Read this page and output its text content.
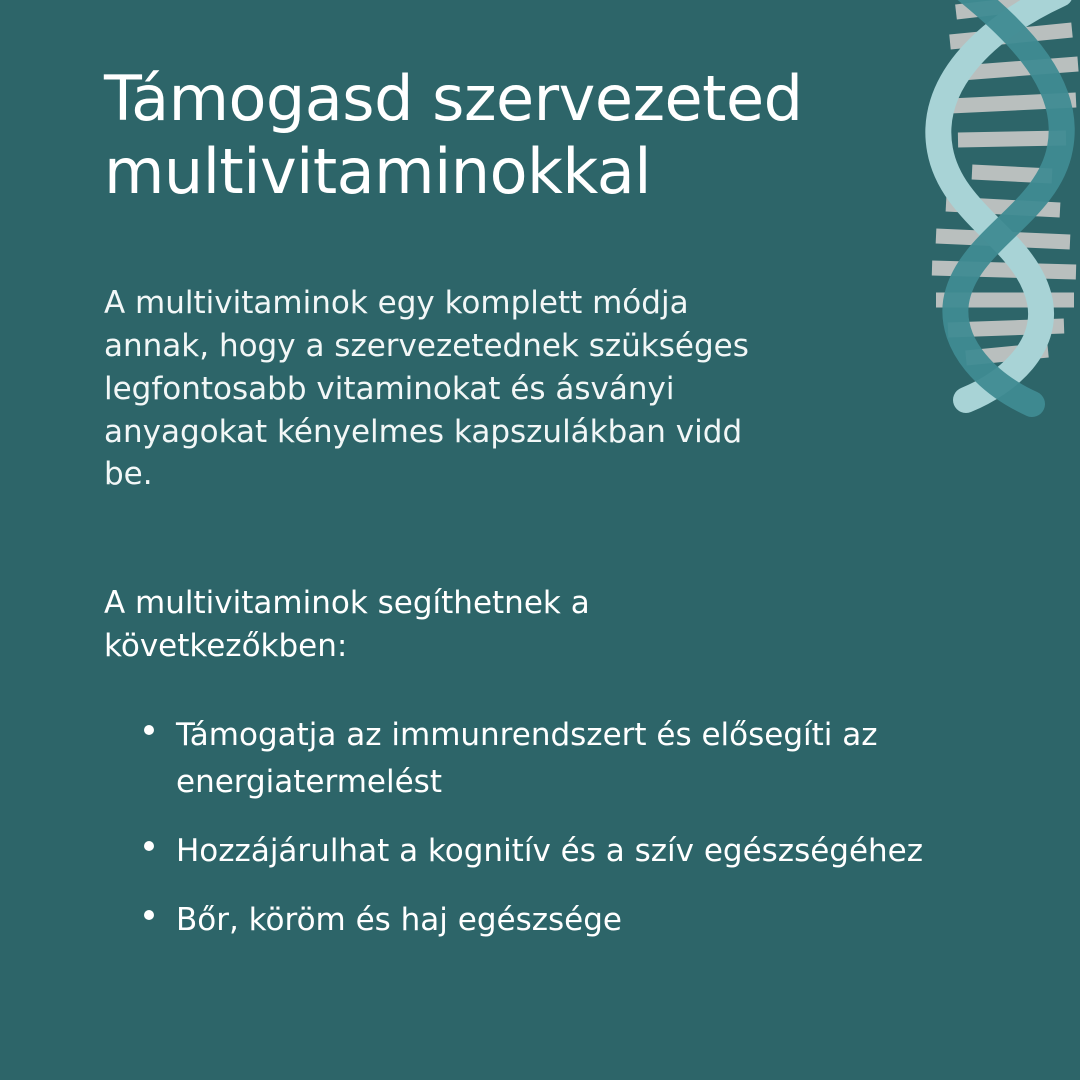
Támogasd szervezeted multivitaminokkal

A multivitaminok egy komplett módja annak, hogy a szervezetednek szükséges legfontosabb vitaminokat és ásványi anyagokat kényelmes kapszulákban vidd be.

A multivitaminok segíthetnek a következőkben:

Támogatja az immunrendszert és elősegíti az energiatermelést
Hozzájárulhat a kognitív és a szív egészségéhez
Bőr, köröm és haj egészsége
